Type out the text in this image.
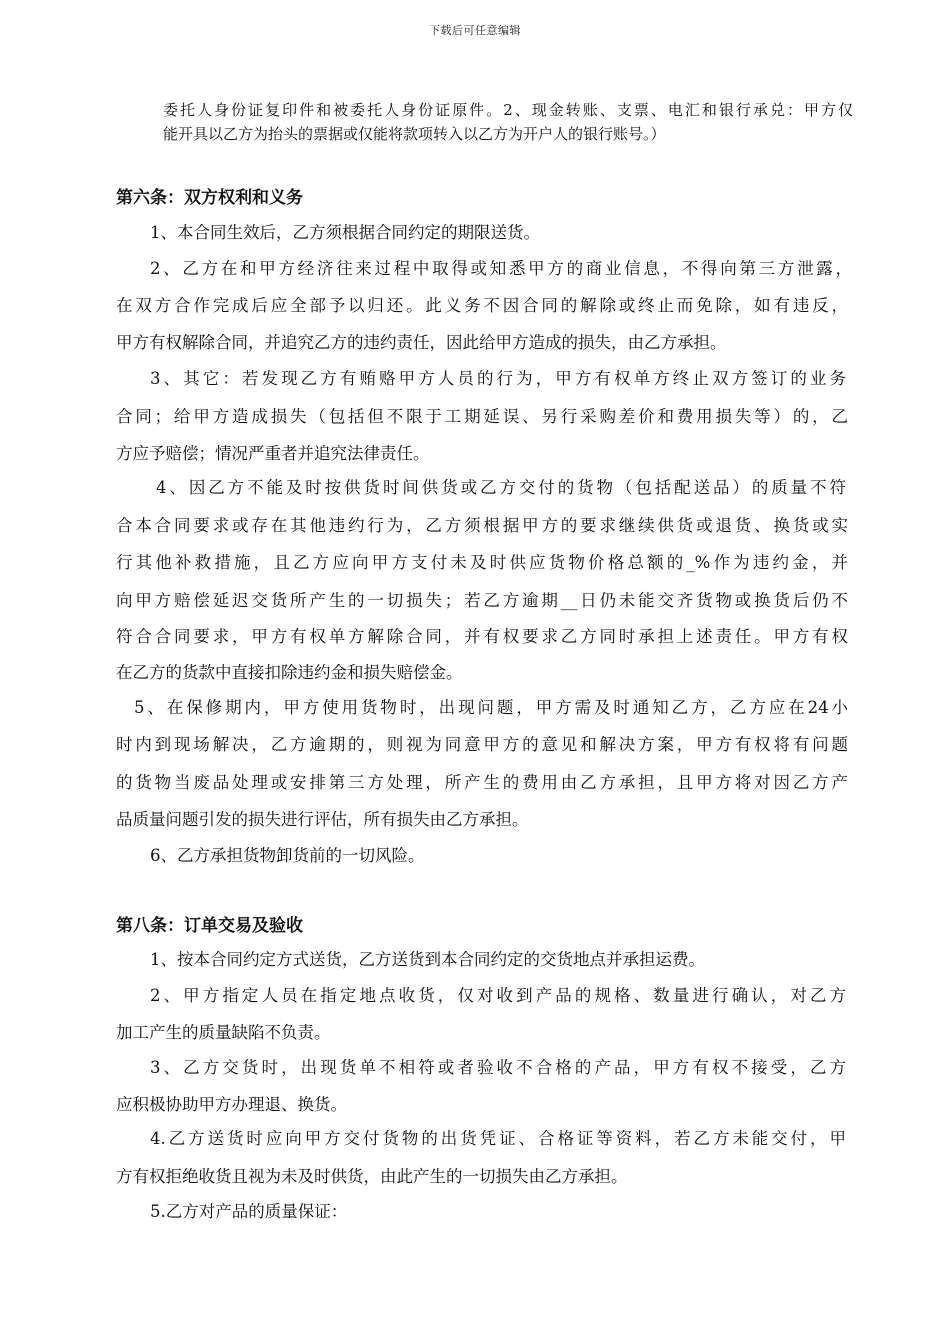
下载后可任意编辑

委托人身份证复印件和被委托人身份证原件。2、现金转账、支票、电汇和银行承兑：甲方仅

能开具以乙方为抬头的票据或仅能将款项转入以乙方为开户人的银行账号。）

第六条：双方权利和义务
1、本合同生效后，乙方须根据合同约定的期限送货。
2、乙方在和甲方经济往来过程中取得或知悉甲方的商业信息，不得向第三方泄露，
在双方合作完成后应全部予以归还。此义务不因合同的解除或终止而免除，如有违反，
甲方有权解除合同，并追究乙方的违约责任，因此给甲方造成的损失，由乙方承担。
3、其它：若发现乙方有贿赂甲方人员的行为，甲方有权单方终止双方签订的业务
合同；给甲方造成损失（包括但不限于工期延误、另行采购差价和费用损失等）的，乙
方应予赔偿；情况严重者并追究法律责任。
4、因乙方不能及时按供货时间供货或乙方交付的货物（包括配送品）的质量不符
合本合同要求或存在其他违约行为，乙方须根据甲方的要求继续供货或退货、换货或实
行其他补救措施，且乙方应向甲方支付未及时供应货物价格总额的_%作为违约金，并
向甲方赔偿延迟交货所产生的一切损失；若乙方逾期__日仍未能交齐货物或换货后仍不
符合合同要求，甲方有权单方解除合同，并有权要求乙方同时承担上述责任。甲方有权
在乙方的货款中直接扣除违约金和损失赔偿金。
5、在保修期内，甲方使用货物时，出现问题，甲方需及时通知乙方，乙方应在24小
时内到现场解决，乙方逾期的，则视为同意甲方的意见和解决方案，甲方有权将有问题
的货物当废品处理或安排第三方处理，所产生的费用由乙方承担，且甲方将对因乙方产
品质量问题引发的损失进行评估，所有损失由乙方承担。
6、乙方承担货物卸货前的一切风险。
第八条：订单交易及验收
1、按本合同约定方式送货，乙方送货到本合同约定的交货地点并承担运费。
2、甲方指定人员在指定地点收货，仅对收到产品的规格、数量进行确认，对乙方
加工产生的质量缺陷不负责。
3、乙方交货时，出现货单不相符或者验收不合格的产品，甲方有权不接受，乙方
应积极协助甲方办理退、换货。
4.乙方送货时应向甲方交付货物的出货凭证、合格证等资料，若乙方未能交付，甲
方有权拒绝收货且视为未及时供货，由此产生的一切损失由乙方承担。
5.乙方对产品的质量保证：
